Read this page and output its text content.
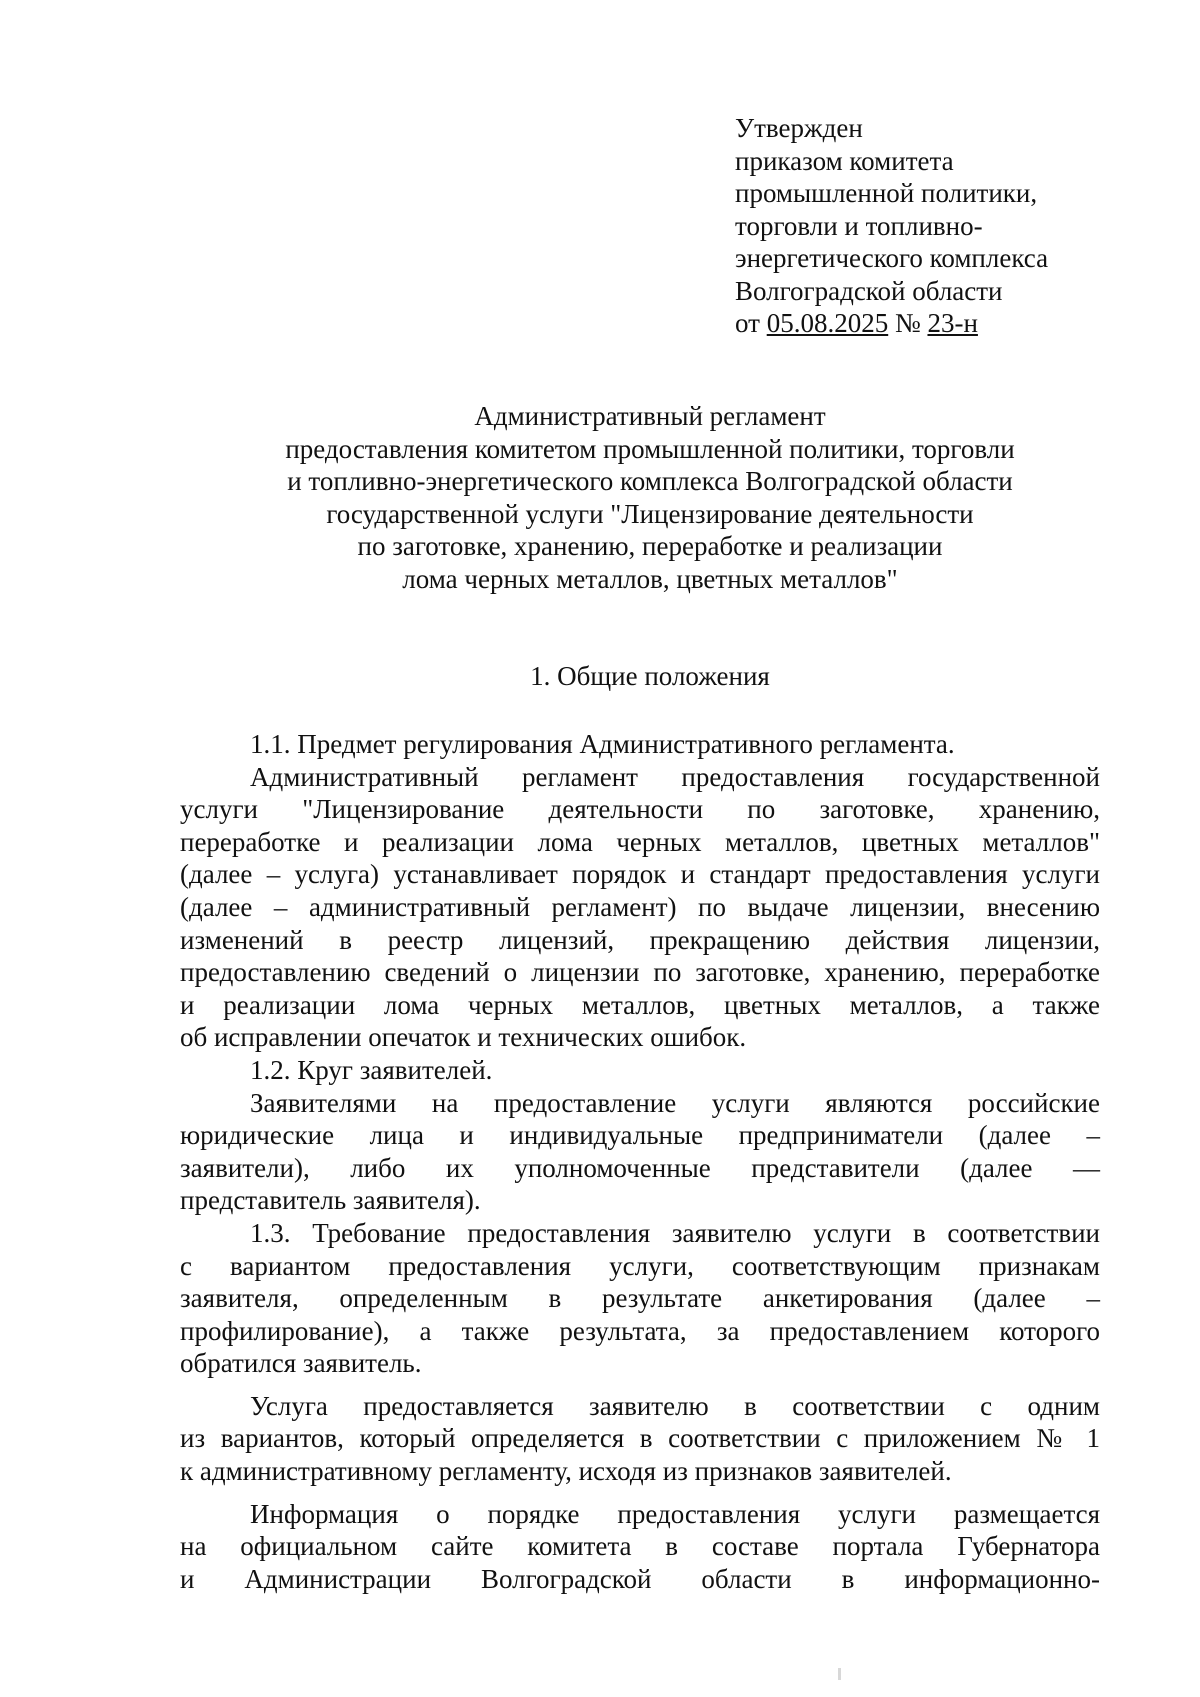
Утвержден
приказом комитета
промышленной политики,
торговли и топливно-
энергетического комплекса
Волгоградской области
от 05.08.2025 № 23-н
Административный регламент
предоставления комитетом промышленной политики, торговли
и топливно-энергетического комплекса Волгоградской области
государственной услуги "Лицензирование деятельности
по заготовке, хранению, переработке и реализации
лома черных металлов, цветных металлов"
1. Общие положения
1.1. Предмет регулирования Административного регламента.
Административный регламент предоставления государственной
услуги "Лицензирование деятельности по заготовке, хранению,
переработке и реализации лома черных металлов, цветных металлов"
(далее – услуга) устанавливает порядок и стандарт предоставления услуги
(далее – административный регламент) по выдаче лицензии, внесению
изменений в реестр лицензий, прекращению действия лицензии,
предоставлению сведений о лицензии по заготовке, хранению, переработке
и реализации лома черных металлов, цветных металлов, а также
об исправлении опечаток и технических ошибок.
1.2. Круг заявителей.
Заявителями на предоставление услуги являются российские
юридические лица и индивидуальные предприниматели (далее –
заявители), либо их уполномоченные представители (далее —
представитель заявителя).
1.3. Требование предоставления заявителю услуги в соответствии
с вариантом предоставления услуги, соответствующим признакам
заявителя, определенным в результате анкетирования (далее –
профилирование), а также результата, за предоставлением которого
обратился заявитель.
Услуга предоставляется заявителю в соответствии с одним
из вариантов, который определяется в соответствии с приложением № 1
к административному регламенту, исходя из признаков заявителей.
Информация о порядке предоставления услуги размещается
на официальном сайте комитета в составе портала Губернатора
и Администрации Волгоградской области в информационно-
